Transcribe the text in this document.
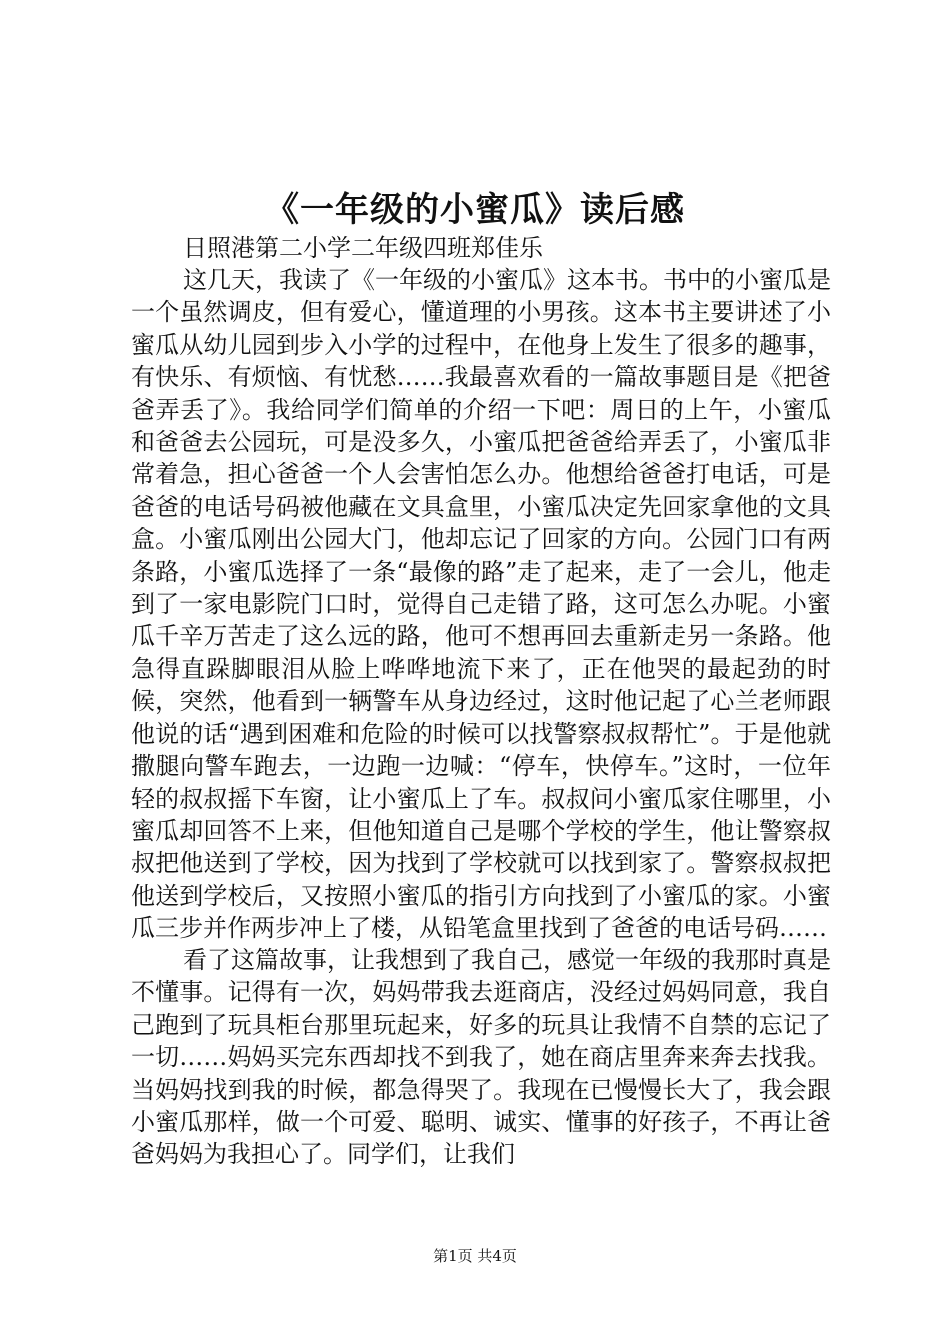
《一年级的小蜜瓜》读后感

日照港第二小学二年级四班郑佳乐

这几天，我读了《一年级的小蜜瓜》这本书。书中的小蜜瓜是一个虽然调皮，但有爱心，懂道理的小男孩。这本书主要讲述了小蜜瓜从幼儿园到步入小学的过程中，在他身上发生了很多的趣事，有快乐、有烦恼、有忧愁……我最喜欢看的一篇故事题目是《把爸爸弄丢了》。我给同学们简单的介绍一下吧：周日的上午，小蜜瓜和爸爸去公园玩，可是没多久，小蜜瓜把爸爸给弄丢了，小蜜瓜非常着急，担心爸爸一个人会害怕怎么办。他想给爸爸打电话，可是爸爸的电话号码被他藏在文具盒里，小蜜瓜决定先回家拿他的文具盒。小蜜瓜刚出公园大门，他却忘记了回家的方向。公园门口有两条路，小蜜瓜选择了一条“最像的路”走了起来，走了一会儿，他走到了一家电影院门口时，觉得自己走错了路，这可怎么办呢。小蜜瓜千辛万苦走了这么远的路，他可不想再回去重新走另一条路。他急得直跺脚眼泪从脸上哗哗地流下来了，正在他哭的最起劲的时候，突然，他看到一辆警车从身边经过，这时他记起了心兰老师跟他说的话“遇到困难和危险的时候可以找警察叔叔帮忙”。于是他就撒腿向警车跑去，一边跑一边喊：“停车，快停车。”这时，一位年轻的叔叔摇下车窗，让小蜜瓜上了车。叔叔问小蜜瓜家住哪里，小蜜瓜却回答不上来，但他知道自己是哪个学校的学生，他让警察叔叔把他送到了学校，因为找到了学校就可以找到家了。警察叔叔把他送到学校后，又按照小蜜瓜的指引方向找到了小蜜瓜的家。小蜜瓜三步并作两步冲上了楼，从铅笔盒里找到了爸爸的电话号码……

看了这篇故事，让我想到了我自己，感觉一年级的我那时真是不懂事。记得有一次，妈妈带我去逛商店，没经过妈妈同意，我自己跑到了玩具柜台那里玩起来，好多的玩具让我情不自禁的忘记了一切……妈妈买完东西却找不到我了，她在商店里奔来奔去找我。当妈妈找到我的时候，都急得哭了。我现在已慢慢长大了，我会跟小蜜瓜那样，做一个可爱、聪明、诚实、懂事的好孩子，不再让爸爸妈妈为我担心了。同学们，让我们

第1页 共4页
